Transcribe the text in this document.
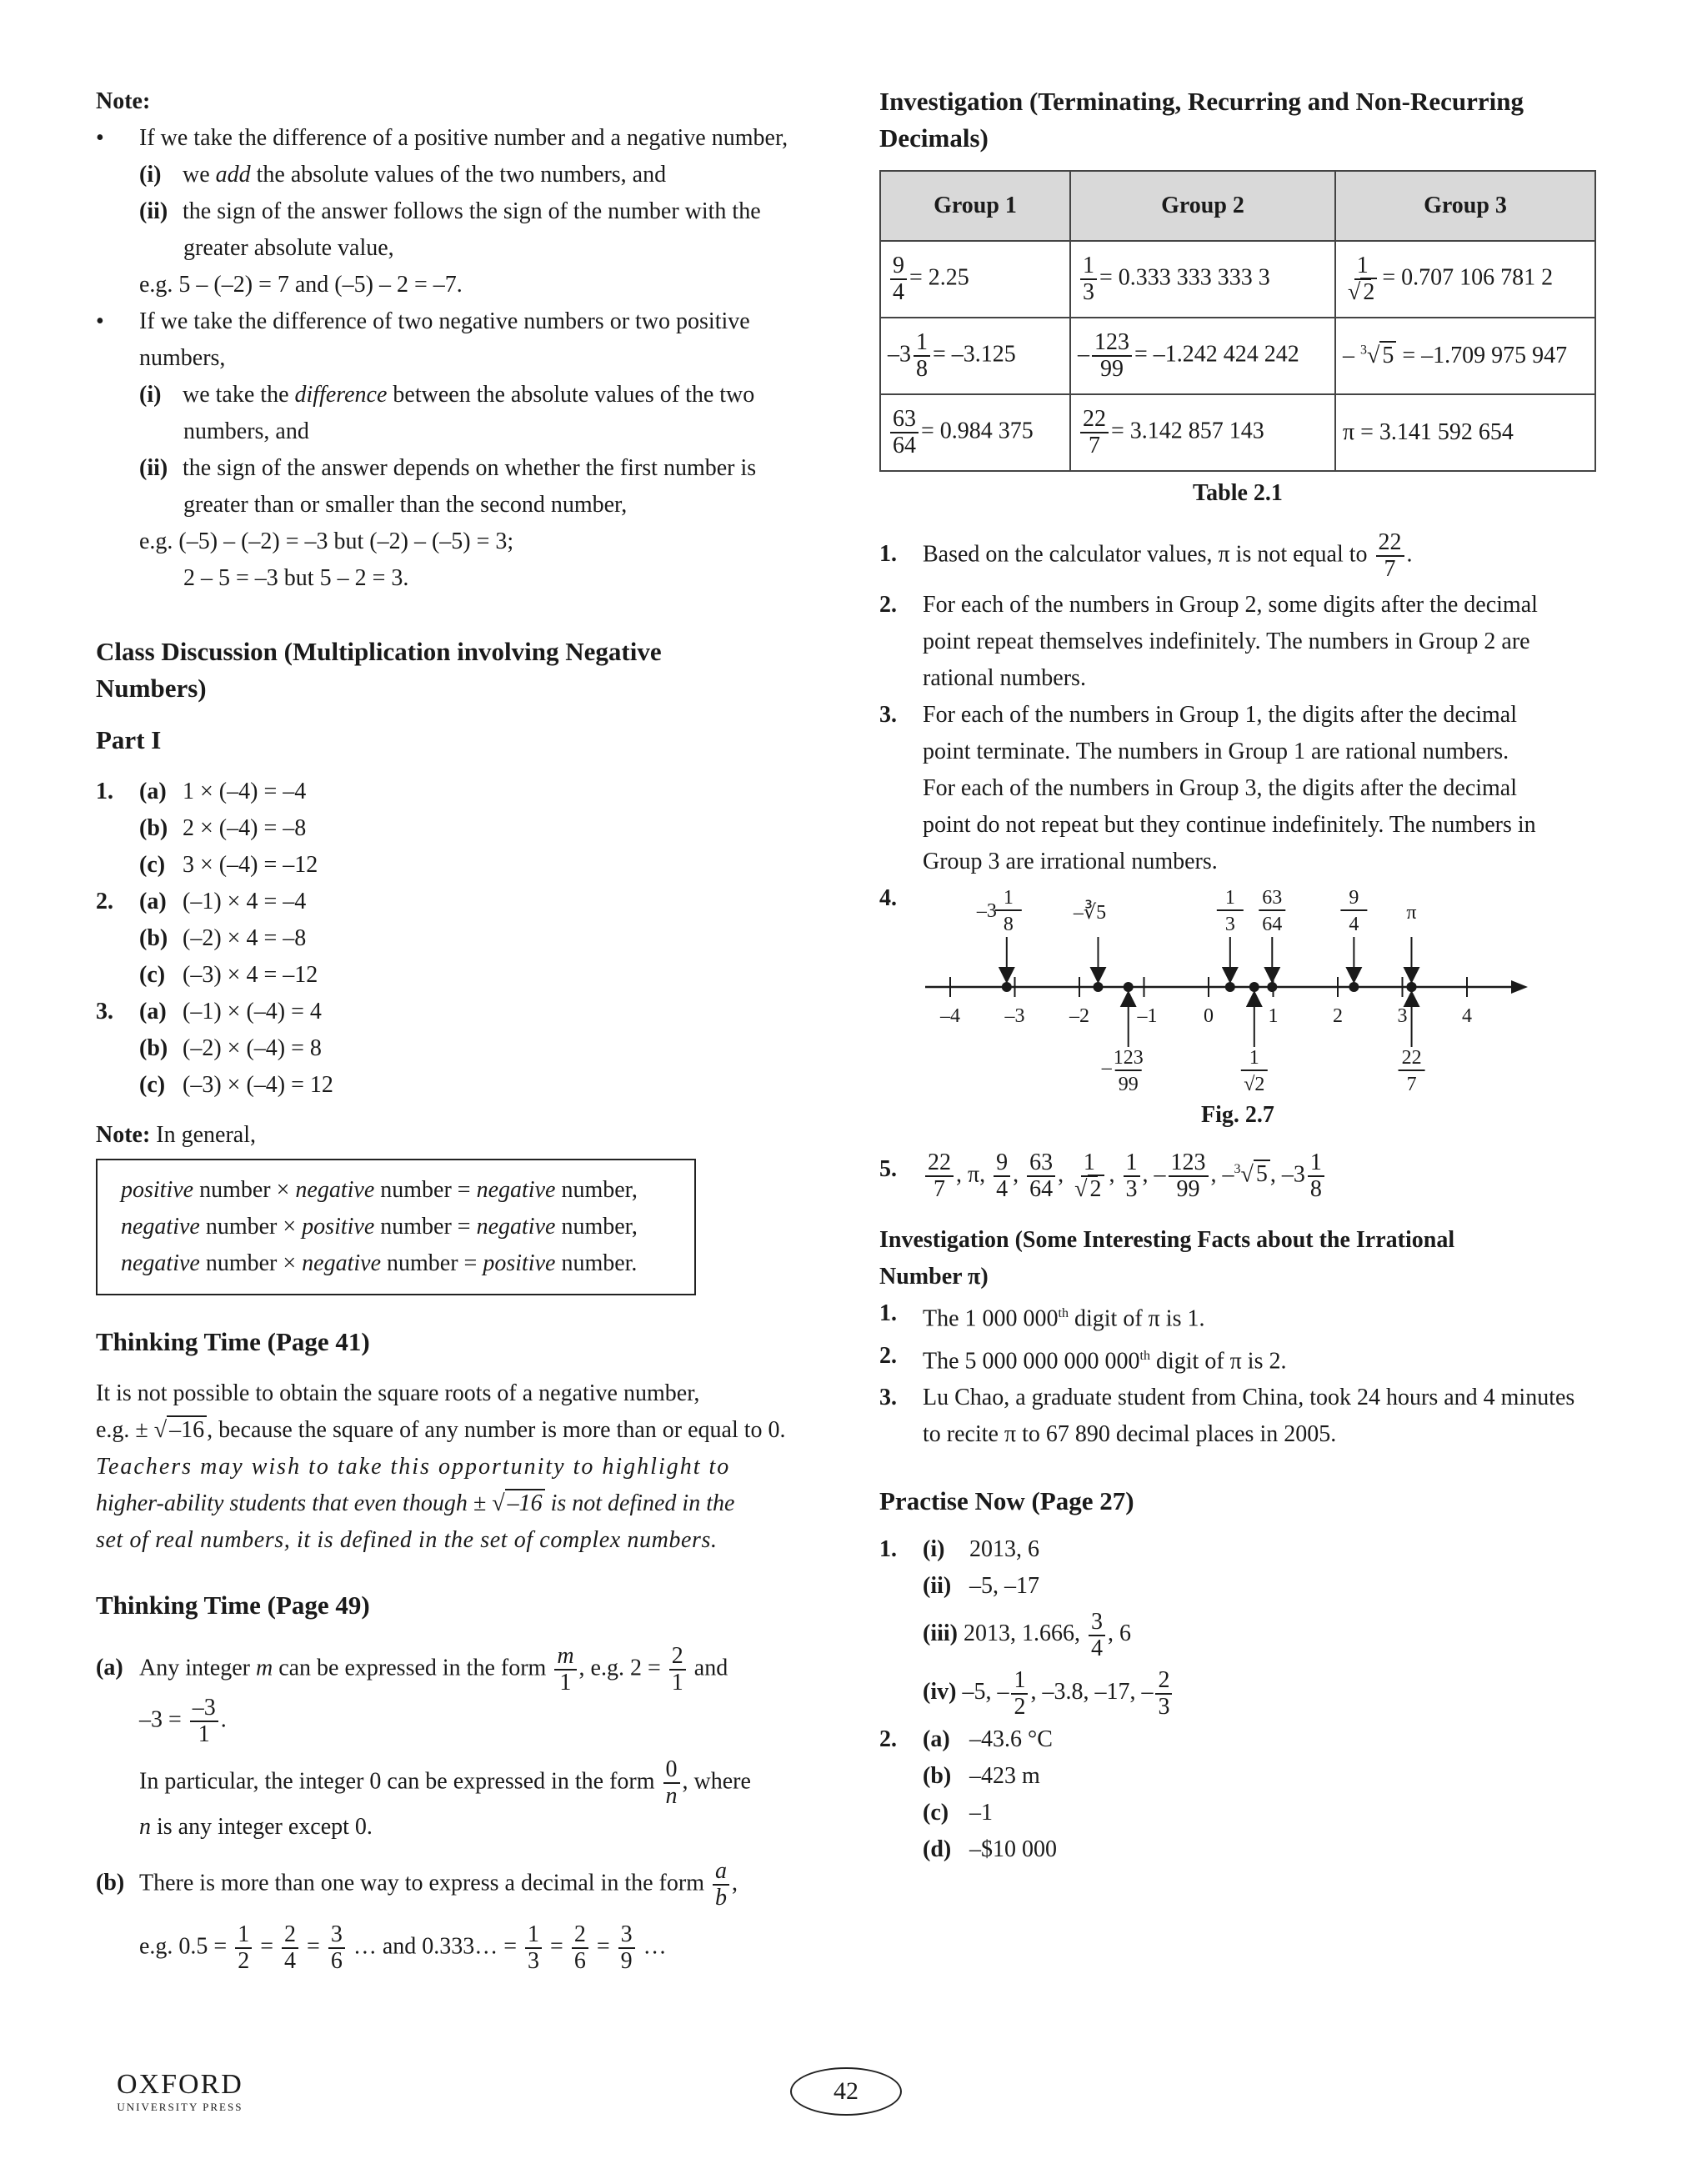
Note:
• If we take the difference of a positive number and a negative number,
(i) we add the absolute values of the two numbers, and
(ii) the sign of the answer follows the sign of the number with the
greater absolute value,
e.g. 5 – (–2) = 7 and (–5) – 2 = –7.
• If we take the difference of two negative numbers or two positive
numbers,
(i) we take the difference between the absolute values of the two
numbers, and
(ii) the sign of the answer depends on whether the first number is
greater than or smaller than the second number,
e.g. (–5) – (–2) = –3 but (–2) – (–5) = 3;
2 – 5 = –3 but 5 – 2 = 3.
Class Discussion (Multiplication involving Negative
Numbers)
Part I
1. (a) 1 × (–4) = –4
(b) 2 × (–4) = –8
(c) 3 × (–4) = –12
2. (a) (–1) × 4 = –4
(b) (–2) × 4 = –8
(c) (–3) × 4 = –12
3. (a) (–1) × (–4) = 4
(b) (–2) × (–4) = 8
(c) (–3) × (–4) = 12
Note: In general,
positive number × negative number = negative number,
negative number × positive number = negative number,
negative number × negative number = positive number.
Thinking Time (Page 41)
It is not possible to obtain the square roots of a negative number,
e.g. ± √ –16 , because the square of any number is more than or equal to 0.
Teachers may wish to take this opportunity to highlight to
higher-ability students that even though ± √ –16 is not defined in the
set of real numbers, it is defined in the set of complex numbers.
Thinking Time (Page 49)
(a) Any integer m can be expressed in the form $\frac{m}{1}$ , e.g. $2 = \frac{2}{1}$ and
$-3 = \frac{-3}{1}$ .
In particular, the integer 0 can be expressed in the form $\frac{0}{n}$ , where
n is any integer except 0.
(b) There is more than one way to express a decimal in the form $\frac{a}{b}$ ,
e.g. $0.5 = \frac{1}{2} = \frac{2}{4} = \frac{3}{6}$ … and 0.333… = $\frac{1}{3} = \frac{2}{6} = \frac{3}{9}$ …
Investigation (Terminating, Recurring and Non-Recurring
Decimals)
Group 1	Group 2	Group 3

$\frac{9}{4} = 2.25$	$\frac{1}{3} = 0.333$ 333 333 3	$\frac{1}{√ 2} = 0.707$ 106 781 2
$-3 \frac{1}{8} = -3.125$	– $\frac{123}{99} = -1.242$ 424 242	– $^3$√ 5 = –1.709 975 947

$\frac{63}{64} = 0.984$ 375	$\frac{22}{7} = 3.142$ 857 143	π = 3.141 592 654
Table 2.1
1. Based on the calculator values, π is not equal to $\frac{22}{7}$ .
2. For each of the numbers in Group 2, some digits after the decimal
point repeat themselves indefinitely. The numbers in Group 2 are
rational numbers.
3. For each of the numbers in Group 1, the digits after the decimal
point terminate. The numbers in Group 1 are rational numbers.
For each of the numbers in Group 3, the digits after the decimal
point do not repeat but they continue indefinitely. The numbers in
Group 3 are irrational numbers.
4.
–4 –3 –2 –1 0	1	2	3	4
–3
1
8
–∛5
– 123
99
1
3
1
√2
63
64
9
4
π
22
7
Fig. 2.7
5. $\frac{22}{7}$ , π, $\frac{9}{4}$ , $\frac{63}{64}$ , $\frac{1}{√ 2}$ , $\frac{1}{3}$ , – $\frac{123}{99}$ , –$^3$√ 5 , $-3 \frac{1}{8}$
Investigation (Some Interesting Facts about the Irrational
Number π)
1. The 1 000 000th digit of π is 1.
2. The 5 000 000 000 000th digit of π is 2.
3. Lu Chao, a graduate student from China, took 24 hours and 4 minutes
to recite π to 67 890 decimal places in 2005.
Practise Now (Page 27)
1. (i) 2013, 6
(ii) –5, –17
(iii) 2013, 1.666, $\frac{3}{4}$ , 6
(iv) –5, – $\frac{1}{2}$ , –3.8, –17, – $\frac{2}{3}$
2. (a) –43.6 °C
(b) –423 m
(c) –1
(d) –$10 000
OXFORD
UNIVERSITY PRESS
42
